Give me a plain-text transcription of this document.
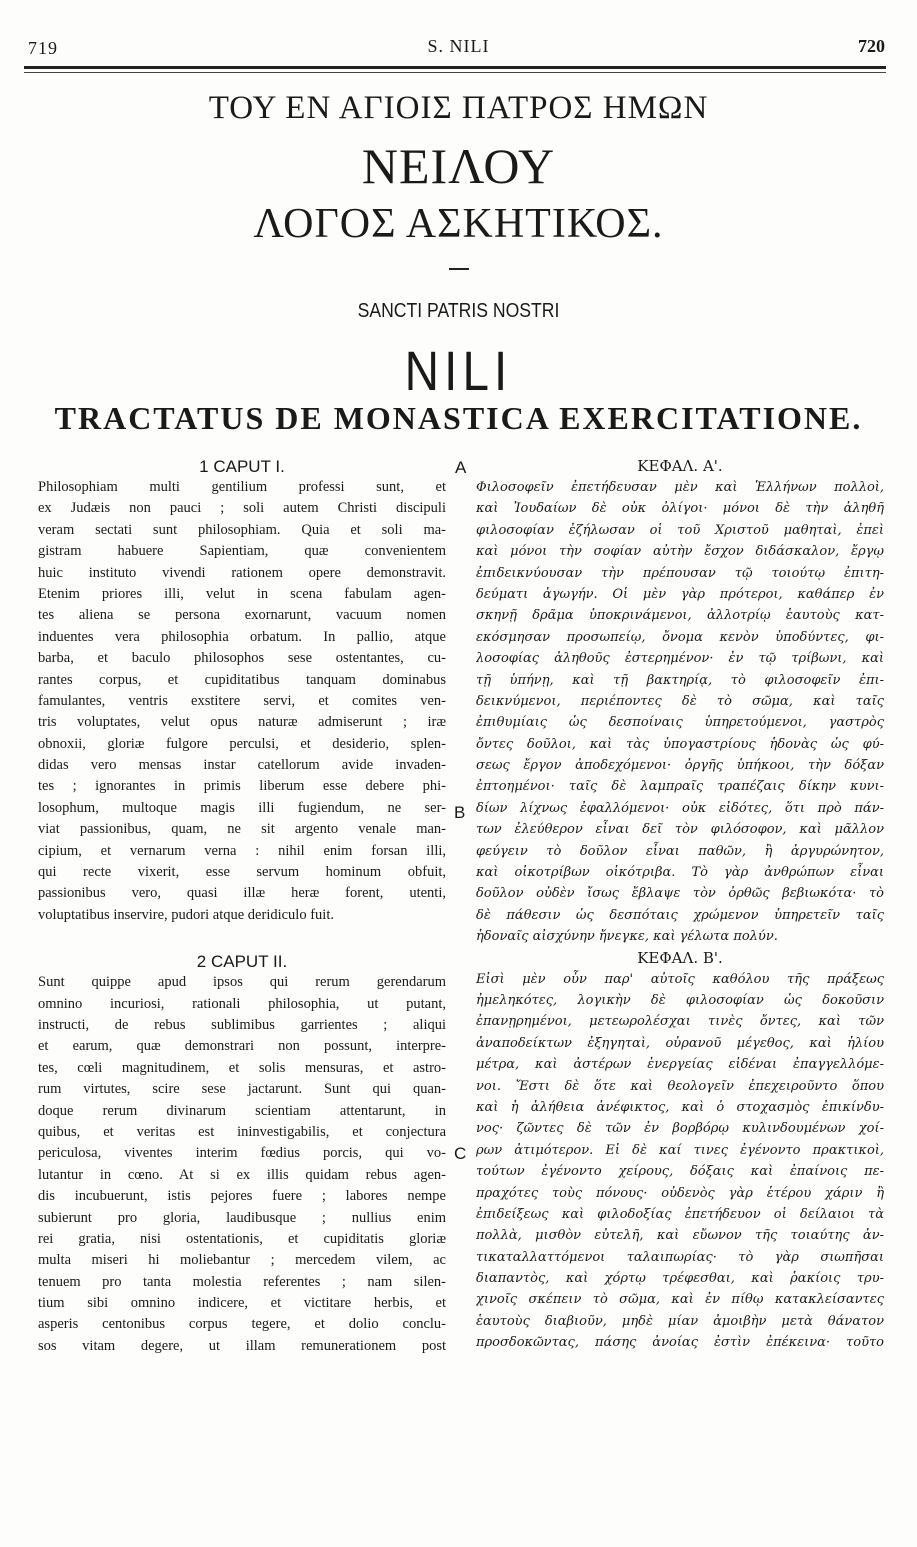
719	S. NILI	720
ΤΟΥ ΕΝ ΑΓΙΟΙΣ ΠΑΤΡΟΣ ΗΜΩΝ
ΝΕΙΛΟΥ
ΛΟΓΟΣ ΑΣΚΗΤΙΚΟΣ.
SANCTI PATRIS NOSTRI
NILI
TRACTATUS DE MONASTICA EXERCITATIONE.
A
B
C
1 CAPUT I.
Philosophiam multi gentilium professi sunt, et
ex Judæis non pauci ; soli autem Christi discipuli
veram sectati sunt philosophiam. Quia et soli ma-
gistram habuere Sapientiam, quæ convenientem
huic instituto vivendi rationem opere demonstravit.
Etenim priores illi, velut in scena fabulam agen-
tes aliena se persona exornarunt, vacuum nomen
induentes vera philosophia orbatum. In pallio, atque
barba, et baculo philosophos sese ostentantes, cu-
rantes corpus, et cupiditatibus tanquam dominabus
famulantes, ventris exstitere servi, et comites ven-
tris voluptates, velut opus naturæ admiserunt ; iræ
obnoxii, gloriæ fulgore perculsi, et desiderio, splen-
didas vero mensas instar catellorum avide invaden-
tes ; ignorantes in primis liberum esse debere phi-
losophum, multoque magis illi fugiendum, ne ser-
viat passionibus, quam, ne sit argento venale man-
cipium, et vernarum verna : nihil enim forsan illi,
qui recte vixerit, esse servum hominum obfuit,
passionibus vero, quasi illæ heræ forent, utenti,
voluptatibus inservire, pudori atque deridiculo fuit.
2 CAPUT II.
Sunt quippe apud ipsos qui rerum gerendarum
omnino incuriosi, rationali philosophia, ut putant,
instructi, de rebus sublimibus garrientes ; aliqui
et earum, quæ demonstrari non possunt, interpre-
tes, cœli magnitudinem, et solis mensuras, et astro-
rum virtutes, scire sese jactarunt. Sunt qui quan-
doque rerum divinarum scientiam attentarunt, in
quibus, et veritas est ininvestigabilis, et conjectura
periculosa, viventes interim fœdius porcis, qui vo-
lutantur in cœno. At si ex illis quidam rebus agen-
dis incubuerunt, istis pejores fuere ; labores nempe
subierunt pro gloria, laudibusque ; nullius enim
rei gratia, nisi ostentationis, et cupiditatis gloriæ
multa miseri hi moliebantur ; mercedem vilem, ac
tenuem pro tanta molestia referentes ; nam silen-
tium sibi omnino indicere, et victitare herbis, et
asperis centonibus corpus tegere, et dolio conclu-
sos vitam degere, ut illam remunerationem post
ΚΕΦΑΛ. Α'.
Φιλοσοφεῖν ἐπετήδευσαν μὲν καὶ Ἑλλήνων πολλοὶ,
καὶ Ἰουδαίων δὲ οὐκ ὀλίγοι· μόνοι δὲ τὴν ἀληθῆ
φιλοσοφίαν ἐζήλωσαν οἱ τοῦ Χριστοῦ μαθηταὶ, ἐπεὶ
καὶ μόνοι τὴν σοφίαν αὐτὴν ἔσχον διδάσκαλον, ἔργῳ
ἐπιδεικνύουσαν τὴν πρέπουσαν τῷ τοιούτῳ ἐπιτη-
δεύματι ἀγωγήν. Οἱ μὲν γὰρ πρότεροι, καθάπερ ἐν
σκηνῇ δρᾶμα ὑποκρινάμενοι, ἀλλοτρίῳ ἑαυτοὺς κατ-
εκόσμησαν προσωπείῳ, ὄνομα κενὸν ὑποδύντες, φι-
λοσοφίας ἀληθοῦς ἐστερημένον· ἐν τῷ τρίβωνι, καὶ
τῇ ὑπήνῃ, καὶ τῇ βακτηρίᾳ, τὸ φιλοσοφεῖν ἐπι-
δεικνύμενοι, περιέποντες δὲ τὸ σῶμα, καὶ ταῖς
ἐπιθυμίαις ὡς δεσποίναις ὑπηρετούμενοι, γαστρὸς
ὄντες δοῦλοι, καὶ τὰς ὑπογαστρίους ἡδονὰς ὡς φύ-
σεως ἔργον ἀποδεχόμενοι· ὀργῆς ὑπήκοοι, τὴν δόξαν
ἐπτοημένοι· ταῖς δὲ λαμπραῖς τραπέζαις δίκην κυνι-
δίων λίχνως ἐφαλλόμενοι· οὐκ εἰδότες, ὅτι πρὸ πάν-
των ἐλεύθερον εἶναι δεῖ τὸν φιλόσοφον, καὶ μᾶλλον
φεύγειν τὸ δοῦλον εἶναι παθῶν, ἢ ἀργυρώνητον,
καὶ οἰκοτρίβων οἰκότριβα. Τὸ γὰρ ἀνθρώπων εἶναι
δοῦλον οὐδὲν ἴσως ἔβλαψε τὸν ὀρθῶς βεβιωκότα· τὸ
δὲ πάθεσιν ὡς δεσπόταις χρώμενον ὑπηρετεῖν ταῖς
ἡδοναῖς αἰσχύνην ἤνεγκε, καὶ γέλωτα πολύν.
ΚΕΦΑΛ. Β'.
Εἰσὶ μὲν οὖν παρ' αὐτοῖς καθόλου τῆς πράξεως
ἠμεληκότες, λογικὴν δὲ φιλοσοφίαν ὡς δοκοῦσιν
ἐπανῃρημένοι, μετεωρολέσχαι τινὲς ὄντες, καὶ τῶν
ἀναποδείκτων ἐξηγηταὶ, οὐρανοῦ μέγεθος, καὶ ἡλίου
μέτρα, καὶ ἀστέρων ἐνεργείας εἰδέναι ἐπαγγελλόμε-
νοι. Ἔστι δὲ ὅτε καὶ θεολογεῖν ἐπεχειροῦντο ὅπου
καὶ ἡ ἀλήθεια ἀνέφικτος, καὶ ὁ στοχασμὸς ἐπικίνδυ-
νος· ζῶντες δὲ τῶν ἐν βορβόρῳ κυλινδουμένων χοί-
ρων ἀτιμότερον. Εἰ δὲ καί τινες ἐγένοντο πρακτικοὶ,
τούτων ἐγένοντο χείρους, δόξαις καὶ ἐπαίνοις πε-
πραχότες τοὺς πόνους· οὐδενὸς γὰρ ἑτέρου χάριν ἢ
ἐπιδείξεως καὶ φιλοδοξίας ἐπετήδευον οἱ δείλαιοι τὰ
πολλὰ, μισθὸν εὐτελῆ, καὶ εὔωνον τῆς τοιαύτης ἀν-
τικαταλλαττόμενοι ταλαιπωρίας· τὸ γὰρ σιωπῆσαι
διαπαντὸς, καὶ χόρτῳ τρέφεσθαι, καὶ ῥακίοις τρυ-
χινοῖς σκέπειν τὸ σῶμα, καὶ ἐν πίθῳ κατακλείσαντες
ἑαυτοὺς διαβιοῦν, μηδὲ μίαν ἀμοιβὴν μετὰ θάνατον
προσδοκῶντας, πάσης ἀνοίας ἐστὶν ἐπέκεινα· τοῦτο
